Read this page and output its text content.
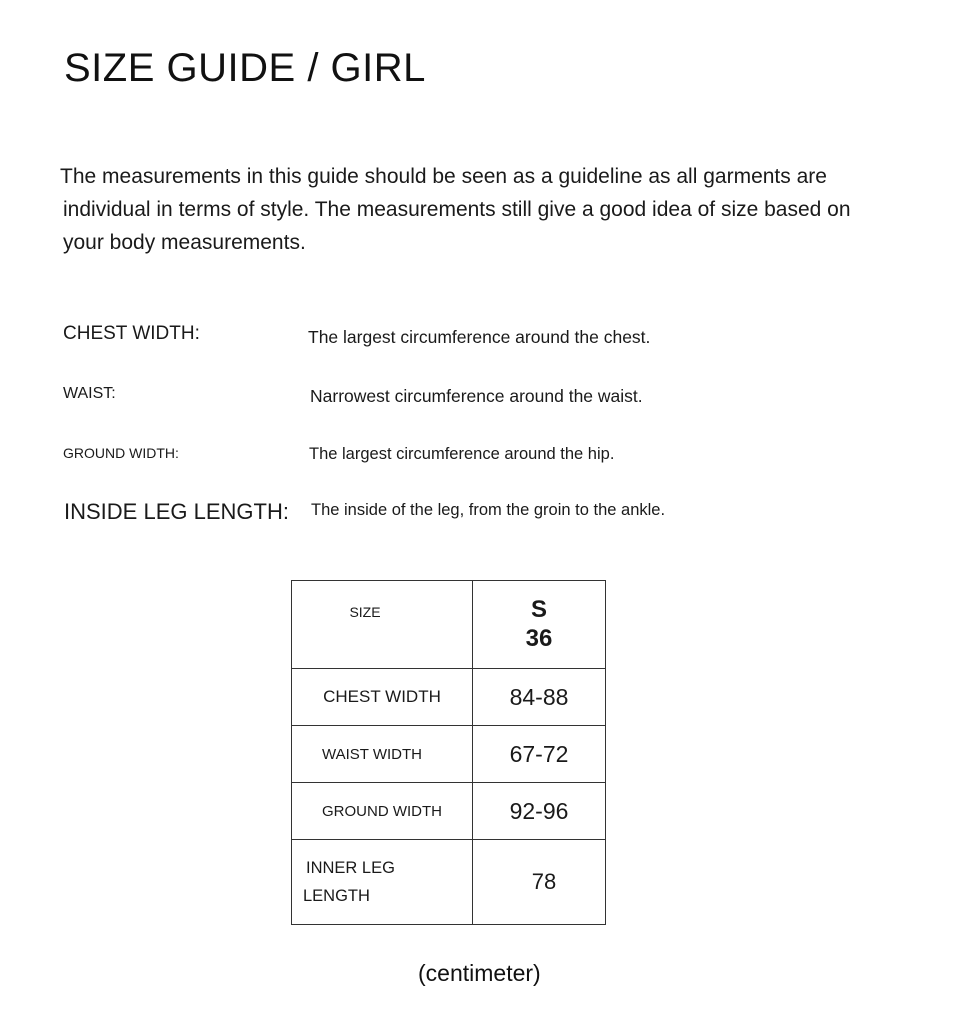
SIZE GUIDE / GIRL
The measurements in this guide should be seen as a guideline as all garments are
individual in terms of style. The measurements still give a good idea of size based on
your body measurements.
CHEST WIDTH:	The largest circumference around the chest.
WAIST:	Narrowest circumference around the waist.
GROUND WIDTH:	The largest circumference around the hip.
INSIDE LEG LENGTH: The inside of the leg, from the groin to the ankle.
SIZE	S
36

CHEST WIDTH	84-88
WAIST WIDTH	67-72
GROUND WIDTH	92-96

INNER LEG
LENGTH	78
(centimeter)
